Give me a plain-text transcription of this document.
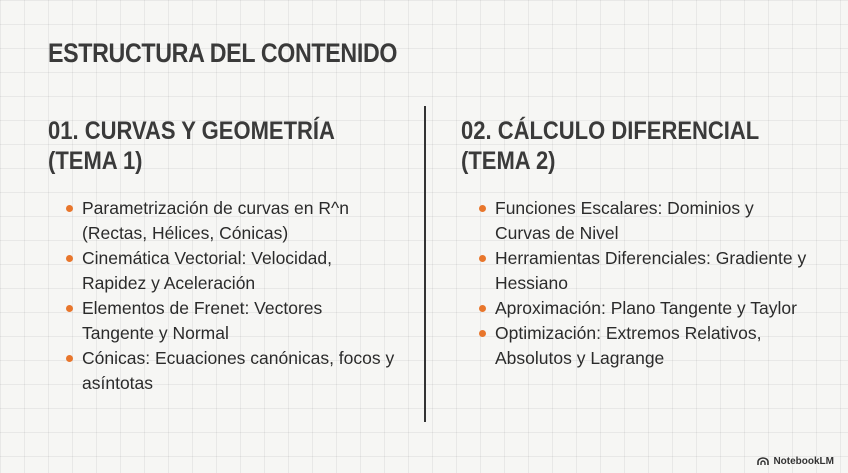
ESTRUCTURA DEL CONTENIDO
01. CURVAS Y GEOMETRÍA
(TEMA 1)
Parametrización de curvas en R^n (Rectas, Hélices, Cónicas)
Cinemática Vectorial: Velocidad, Rapidez y Aceleración
Elementos de Frenet: Vectores Tangente y Normal
Cónicas: Ecuaciones canónicas, focos y asíntotas
02. CÁLCULO DIFERENCIAL
(TEMA 2)
Funciones Escalares: Dominios y Curvas de Nivel
Herramientas Diferenciales: Gradiente y Hessiano
Aproximación: Plano Tangente y Taylor
Optimización: Extremos Relativos, Absolutos y Lagrange
NotebookLM
